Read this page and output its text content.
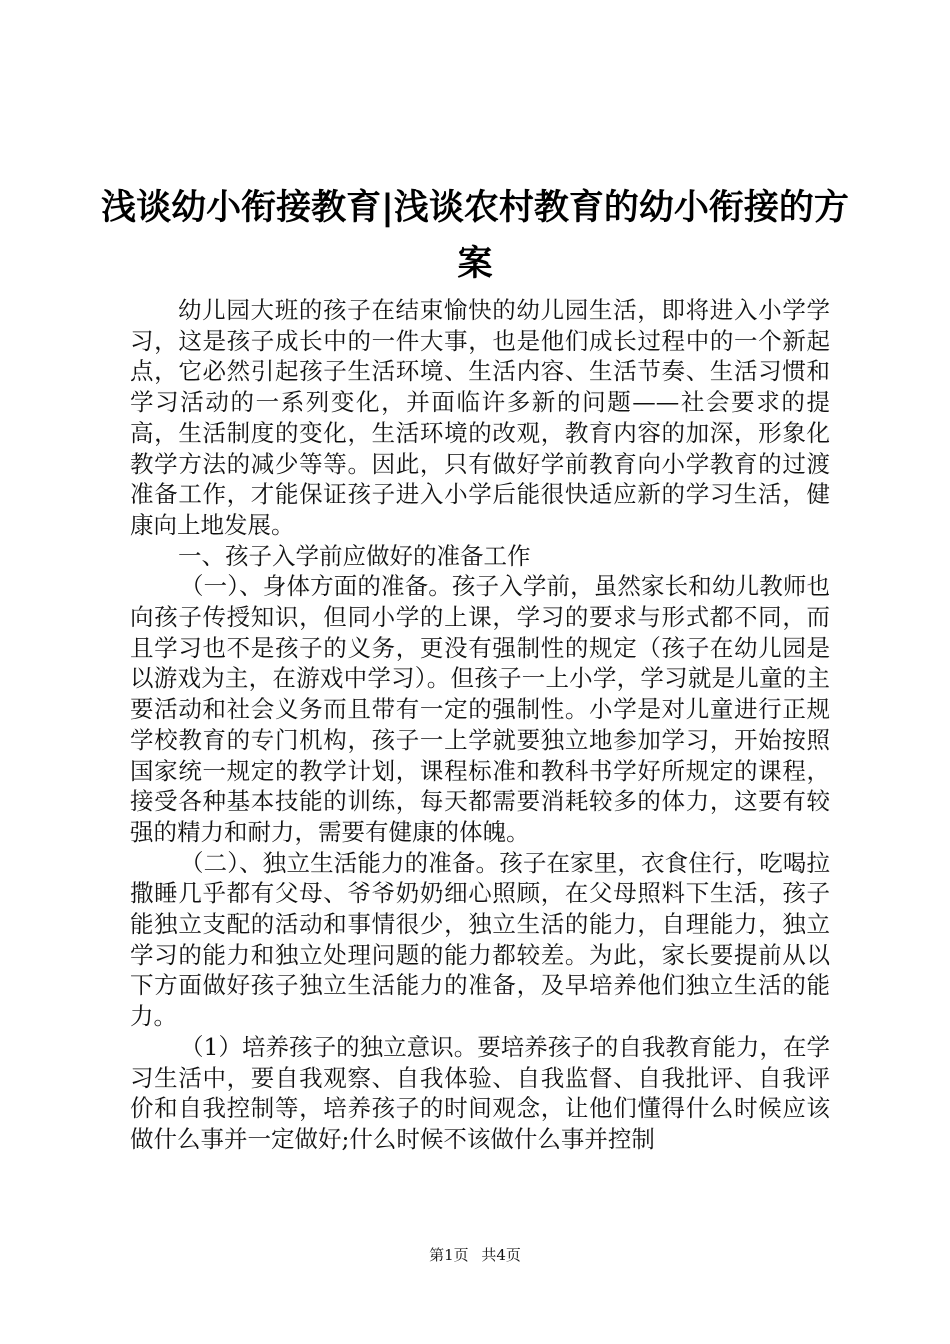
浅谈幼小衔接教育|浅谈农村教育的幼小衔接的方案

幼儿园大班的孩子在结束愉快的幼儿园生活，即将进入小学学习，这是孩子成长中的一件大事，也是他们成长过程中的一个新起点，它必然引起孩子生活环境、生活内容、生活节奏、生活习惯和学习活动的一系列变化，并面临许多新的问题——社会要求的提高，生活制度的变化，生活环境的改观，教育内容的加深，形象化教学方法的减少等等。因此，只有做好学前教育向小学教育的过渡准备工作，才能保证孩子进入小学后能很快适应新的学习生活，健康向上地发展。

一、孩子入学前应做好的准备工作

（一）、身体方面的准备。孩子入学前，虽然家长和幼儿教师也向孩子传授知识，但同小学的上课，学习的要求与形式都不同，而且学习也不是孩子的义务，更没有强制性的规定（孩子在幼儿园是以游戏为主，在游戏中学习）。但孩子一上小学，学习就是儿童的主要活动和社会义务而且带有一定的强制性。小学是对儿童进行正规学校教育的专门机构，孩子一上学就要独立地参加学习，开始按照国家统一规定的教学计划，课程标准和教科书学好所规定的课程，接受各种基本技能的训练，每天都需要消耗较多的体力，这要有较强的精力和耐力，需要有健康的体魄。

（二）、独立生活能力的准备。孩子在家里，衣食住行，吃喝拉撒睡几乎都有父母、爷爷奶奶细心照顾，在父母照料下生活，孩子能独立支配的活动和事情很少，独立生活的能力，自理能力，独立学习的能力和独立处理问题的能力都较差。为此，家长要提前从以下方面做好孩子独立生活能力的准备，及早培养他们独立生活的能力。

（1）培养孩子的独立意识。要培养孩子的自我教育能力，在学习生活中，要自我观察、自我体验、自我监督、自我批评、自我评价和自我控制等，培养孩子的时间观念，让他们懂得什么时候应该做什么事并一定做好;什么时候不该做什么事并控制

第1页 共4页
